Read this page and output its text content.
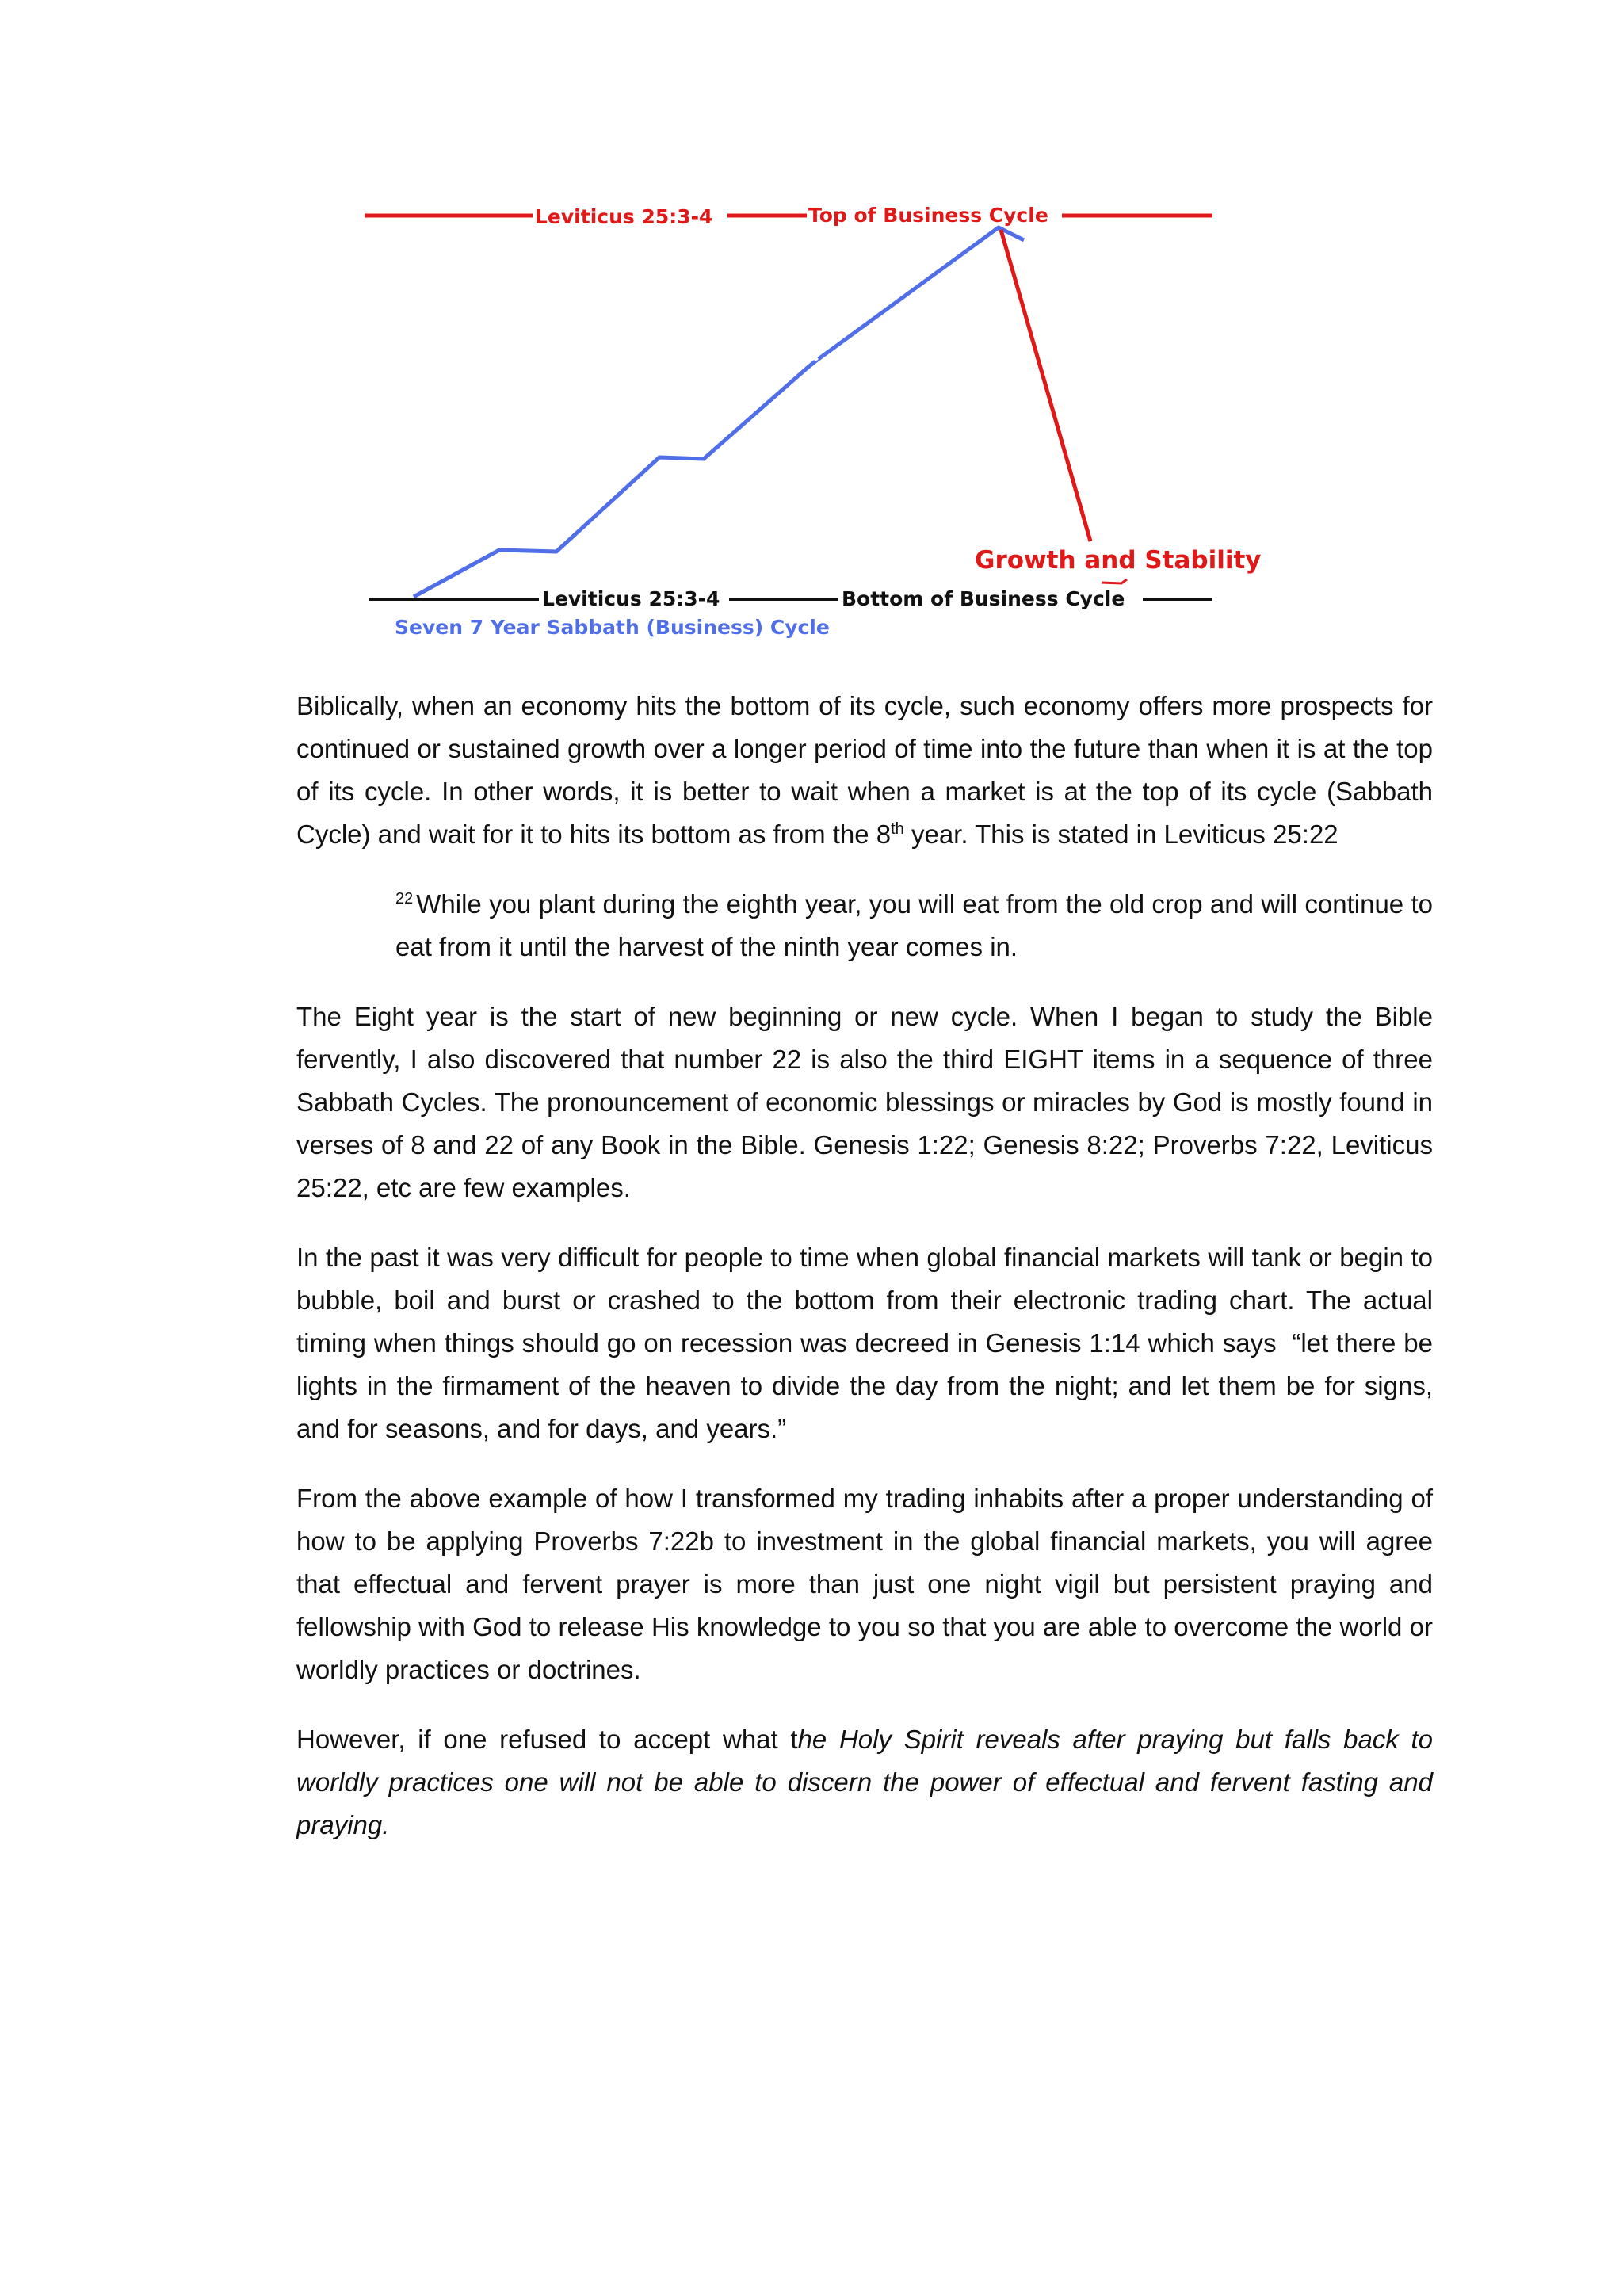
Leviticus 25:3-4	Top of Business Cycle
Growth and Stability
Leviticus 25:3-4	Bottom of Business Cycle
Seven 7 Year Sabbath (Business) Cycle

Biblically, when an economy hits the bottom of its cycle, such economy offers more prospects for continued or sustained growth over a longer period of time into the future than when it is at the top of its cycle. In other words, it is better to wait when a market is at the top of its cycle (Sabbath Cycle) and wait for it to hits its bottom as from the 8th year. This is stated in Leviticus 25:22

$^{22}$ While you plant during the eighth year, you will eat from the old crop and will continue to eat from it until the harvest of the ninth year comes in.

The Eight year is the start of new beginning or new cycle. When I began to study the Bible fervently, I also discovered that number 22 is also the third EIGHT items in a sequence of three Sabbath Cycles. The pronouncement of economic blessings or miracles by God is mostly found in verses of 8 and 22 of any Book in the Bible. Genesis 1:22; Genesis 8:22; Proverbs 7:22, Leviticus 25:22, etc are few examples.

In the past it was very difficult for people to time when global financial markets will tank or begin to bubble, boil and burst or crashed to the bottom from their electronic trading chart. The actual timing when things should go on recession was decreed in Genesis 1:14 which says  “let there be lights in the firmament of the heaven to divide the day from the night; and let them be for signs, and for seasons, and for days, and years.”

From the above example of how I transformed my trading inhabits after a proper understanding of how to be applying Proverbs 7:22b to investment in the global financial markets, you will agree that effectual and fervent prayer is more than just one night vigil but persistent praying and fellowship with God to release His knowledge to you so that you are able to overcome the world or worldly practices or doctrines.

However, if one refused to accept what the Holy Spirit reveals after praying but falls back to worldly practices one will not be able to discern the power of effectual and fervent fasting and praying.
